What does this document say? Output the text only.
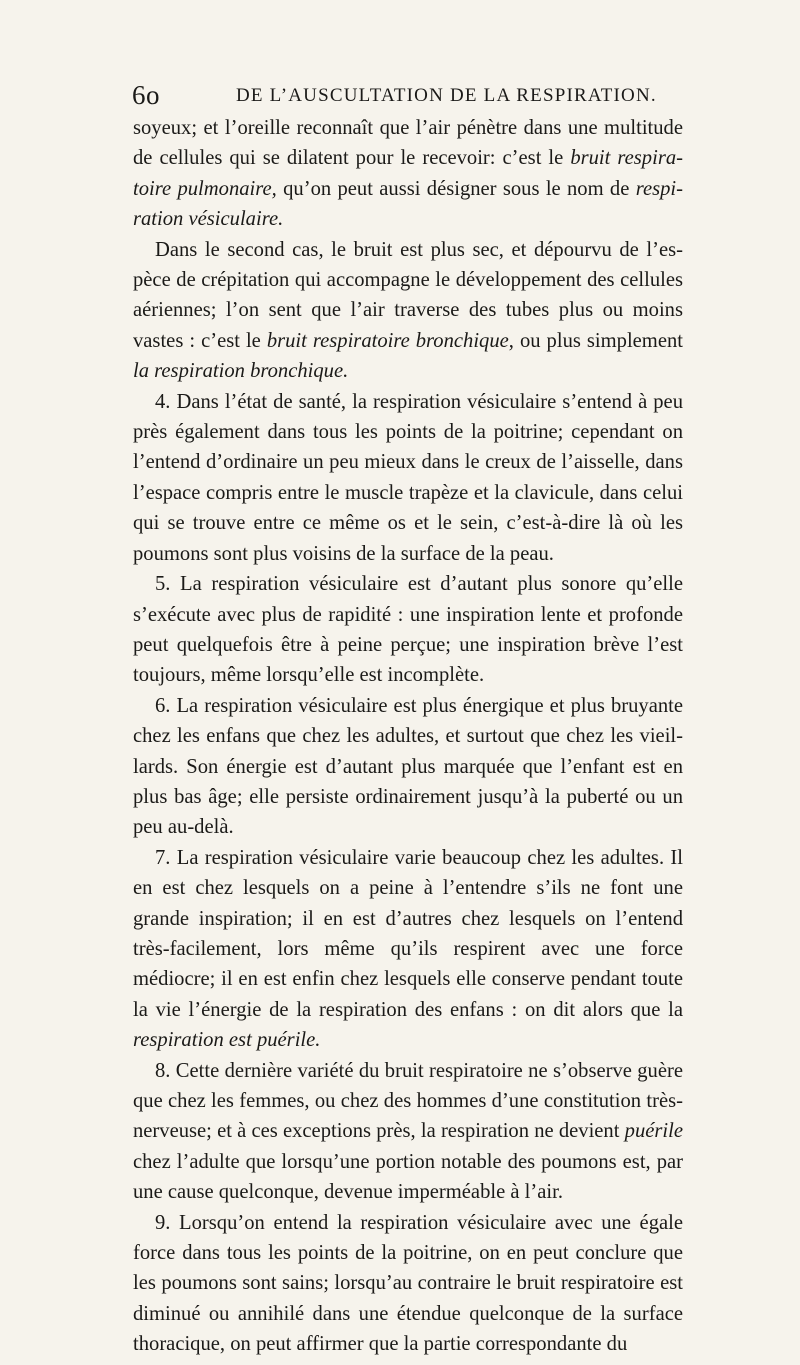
6o	DE L’AUSCULTATION DE LA RESPIRATION.

soyeux; et l’oreille reconnaît que l’air pénètre dans une multitude de cellules qui se dilatent pour le recevoir: c’est le bruit respiratoire pulmonaire, qu’on peut aussi désigner sous le nom de respiration vésiculaire.

Dans le second cas, le bruit est plus sec, et dépourvu de l’espèce de crépitation qui accompagne le développement des cellules aériennes; l’on sent que l’air traverse des tubes plus ou moins vastes : c’est le bruit respiratoire bronchique, ou plus simplement la respiration bronchique.

4. Dans l’état de santé, la respiration vésiculaire s’entend à peu près également dans tous les points de la poitrine; cependant on l’entend d’ordinaire un peu mieux dans le creux de l’aisselle, dans l’espace compris entre le muscle trapèze et la clavicule, dans celui qui se trouve entre ce même os et le sein, c’est-à-dire là où les poumons sont plus voisins de la surface de la peau.

5. La respiration vésiculaire est d’autant plus sonore qu’elle s’exécute avec plus de rapidité : une inspiration lente et profonde peut quelquefois être à peine perçue; une inspiration brève l’est toujours, même lorsqu’elle est incomplète.

6. La respiration vésiculaire est plus énergique et plus bruyante chez les enfans que chez les adultes, et surtout que chez les vieillards. Son énergie est d’autant plus marquée que l’enfant est en plus bas âge; elle persiste ordinairement jusqu’à la puberté ou un peu au-delà.

7. La respiration vésiculaire varie beaucoup chez les adultes. Il en est chez lesquels on a peine à l’entendre s’ils ne font une grande inspiration; il en est d’autres chez lesquels on l’entend très-facilement, lors même qu’ils respirent avec une force médiocre; il en est enfin chez lesquels elle conserve pendant toute la vie l’énergie de la respiration des enfans : on dit alors que la respiration est puérile.

8. Cette dernière variété du bruit respiratoire ne s’observe guère que chez les femmes, ou chez des hommes d’une constitution très-nerveuse; et à ces exceptions près, la respiration ne devient puérile chez l’adulte que lorsqu’une portion notable des poumons est, par une cause quelconque, devenue imperméable à l’air.

9. Lorsqu’on entend la respiration vésiculaire avec une égale force dans tous les points de la poitrine, on en peut conclure que les poumons sont sains; lorsqu’au contraire le bruit respiratoire est diminué ou annihilé dans une étendue quelconque de la surface thoracique, on peut affirmer que la partie correspondante du
